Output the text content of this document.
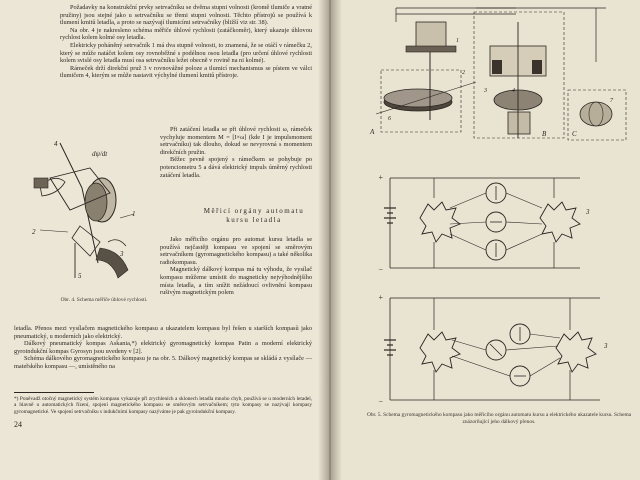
Požadavky na konstrukční prvky setrvačníku se dvěma stupni volnosti (kromě tlumiče a vratné pružiny) jsou stejné jako u setrvačníku se třemi stupni volnosti. Těchto přístrojů se používá k tlumení kmitů letadla, a proto se nazývají tlumicími setrvačníky (bližší viz str. 38).

Na obr. 4 je nakresleno schéma měřiče úhlové rychlosti (zatáčkoměr), který ukazuje úhlovou rychlost kolem kolmé osy letadla.

Elektricky poháněný setrvačník 1 má dva stupně volnosti, to znamená, že se otáčí v rámečku 2, který se může natáčet kolem osy rovnoběžné s podélnou osou letadla (pro určení úhlové rychlosti kolem svislé osy letadla musí osa setrvačníku ležet obecně v rovině na ni kolmé).

Rámeček drží direkční pruž 3 v rovnovážné poloze a tlumicí mechanismus se pístem ve válci tlumičem 4, kterým se může nastavit výchylné tlumení kmitů přístroje.

4
1
2
3
5
dψ/dt
Obr. 4. Schema měřiče úhlové rychlosti.

Při zatáčení letadla se při úhlové rychlosti ω, rámeček vychyluje momentem M = [I×ω] (kde I je impulsmoment setrvačníku) tak dlouho, dokud se nevyrovná s momentem direkčních pružin.

Běžec pevně spojený s rámečkem se pohybuje po potenciometru 5 a dává elektrický impuls úměrný rychlosti zatáčení letadla.

Měřicí orgány automatu kursu letadla

Jako měřicího orgánu pro automat kursu letadla se používá nejčastěji kompasu ve spojení se směrovým setrvačníkem (gyromagnetického kompasu) a také několika radiokompasu.

Magnetický dálkový kompas má tu výhodu, že vysílač kompasu můžeme umístit do magneticky nejvýhodnějšího místa letadla, a tím snížit nežádoucí ovlivnění kompasu rušivým magnetickým polem

letadla. Přenos mezi vysílačem magnetického kompasu a ukazatelem kompasu byl řešen u starších kompasů jako pneumatický, u moderních jako elektrický.

Dálkový pneumatický kompas Askania,*) elektrický gyromagnetický kompas Patin a moderní elektrický gyroindukční kompas Gyrosyn jsou uvedeny v [2].

Schéma dálkového gyromagnetického kompasu je na obr. 5. Dálkový magnetický kompas se skládá z vysílače — mateřského kompasu —, umístěného na

*) Poněvadž otočný magnetický systém kompasu vykazuje při zrychleních a sklonech letadla mnoho chyb, používá se u moderních letadel, a hlavně u automatických řízení, spojení magnetického kompasu se směrovým setrvačníkem; tyto kompasy se nazývají kompasy gyromagnetické. Ve spojení setrvačníku s indukčními kompasy nazýváme je pak gyroindukční kompasy.
24
A	B	C
1
2
3	4
6
7
+
−
3
+
−
3
Obr. 5. Schema gyromagnetického kompasu jako měřicího orgánu automatu kursu a elektrického ukazatele kursu. Schema znázorňující jeho dálkový přenos.
